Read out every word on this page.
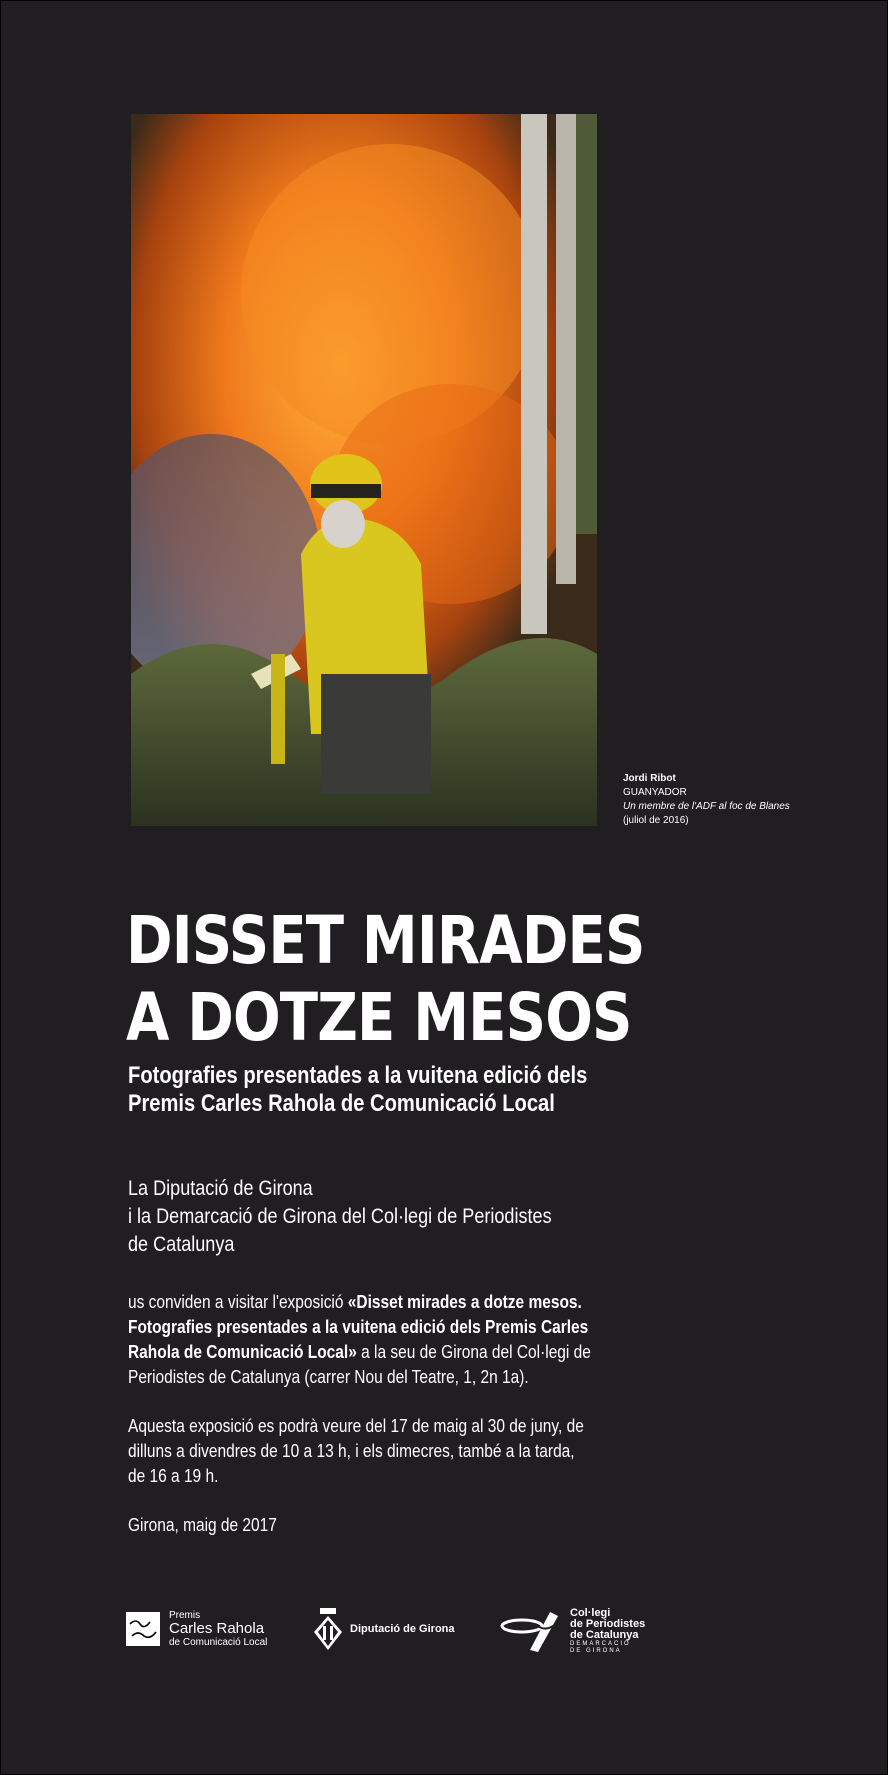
Jordi Ribot
GUANYADOR
Un membre de l'ADF al foc de Blanes
(juliol de 2016)
DISSET MIRADES
A DOTZE MESOS
Fotografies presentades a la vuitena edició dels
Premis Carles Rahola de Comunicació Local
La Diputació de Girona
i la Demarcació de Girona del Col·legi de Periodistes
de Catalunya

us conviden a visitar l'exposició «Disset mirades a dotze mesos.
Fotografies presentades a la vuitena edició dels Premis Carles
Rahola de Comunicació Local» a la seu de Girona del Col·legi de
Periodistes de Catalunya (carrer Nou del Teatre, 1, 2n 1a).

Aquesta exposició es podrà veure del 17 de maig al 30 de juny, de
dilluns a divendres de 10 a 13 h, i els dimecres, també a la tarda,
de 16 a 19 h.

Girona, maig de 2017

Premis
Carles Rahola
de Comunicació Local
Diputació de Girona
Col·legi
de Periodistes
de Catalunya
DEMARCACIÓ
DE GIRONA
